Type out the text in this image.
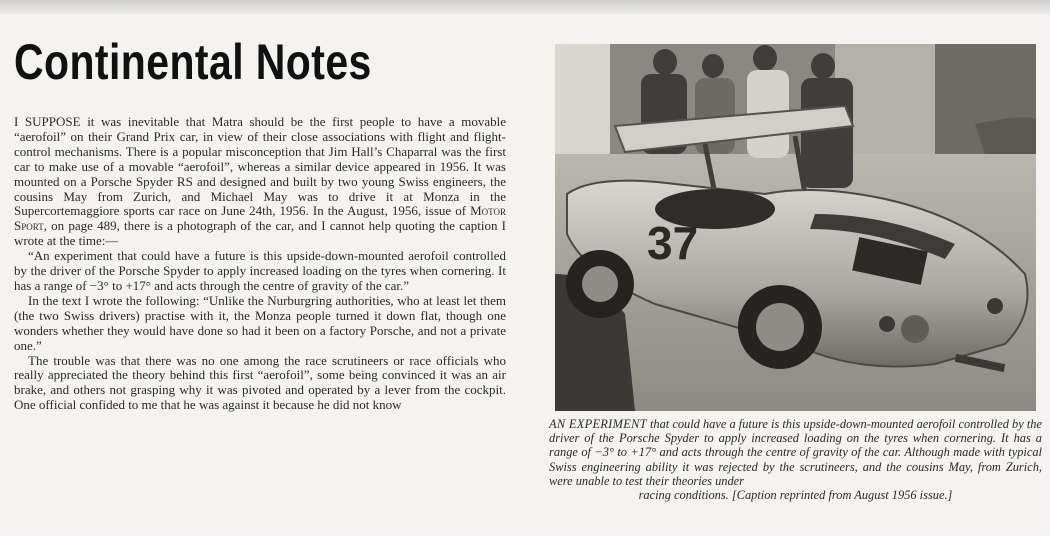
Continental Notes

I SUPPOSE it was inevitable that Matra should be the first people to have a movable “aerofoil” on their Grand Prix car, in view of their close associations with flight and flight-control mechanisms. There is a popular misconception that Jim Hall’s Chaparral was the first car to make use of a movable “aerofoil”, whereas a similar device appeared in 1956. It was mounted on a Porsche Spyder RS and designed and built by two young Swiss engineers, the cousins May from Zurich, and Michael May was to drive it at Monza in the Supercortemaggiore sports car race on June 24th, 1956. In the August, 1956, issue of Motor Sport, on page 489, there is a photograph of the car, and I cannot help quoting the caption I wrote at the time:—

“An experiment that could have a future is this upside-down-mounted aerofoil controlled by the driver of the Porsche Spyder to apply increased loading on the tyres when cornering. It has a range of −3° to +17° and acts through the centre of gravity of the car.”

In the text I wrote the following: “Unlike the Nurburgring authorities, who at least let them (the two Swiss drivers) practise with it, the Monza people turned it down flat, though one wonders whether they would have done so had it been on a factory Porsche, and not a private one.”

The trouble was that there was no one among the race scrutineers or race officials who really appreciated the theory behind this first “aerofoil”, some being convinced it was an air brake, and others not grasping why it was pivoted and operated by a lever from the cockpit. One official confided to me that he was against it because he did not know

37
AN EXPERIMENT that could have a future is this upside-down-mounted aerofoil controlled by the driver of the Porsche Spyder to apply increased loading on the tyres when cornering. It has a range of −3° to +17° and acts through the centre of gravity of the car. Although made with typical Swiss engineering ability it was rejected by the scrutineers, and the cousins May, from Zurich, were unable to test their theories under
racing conditions. [Caption reprinted from August 1956 issue.]
